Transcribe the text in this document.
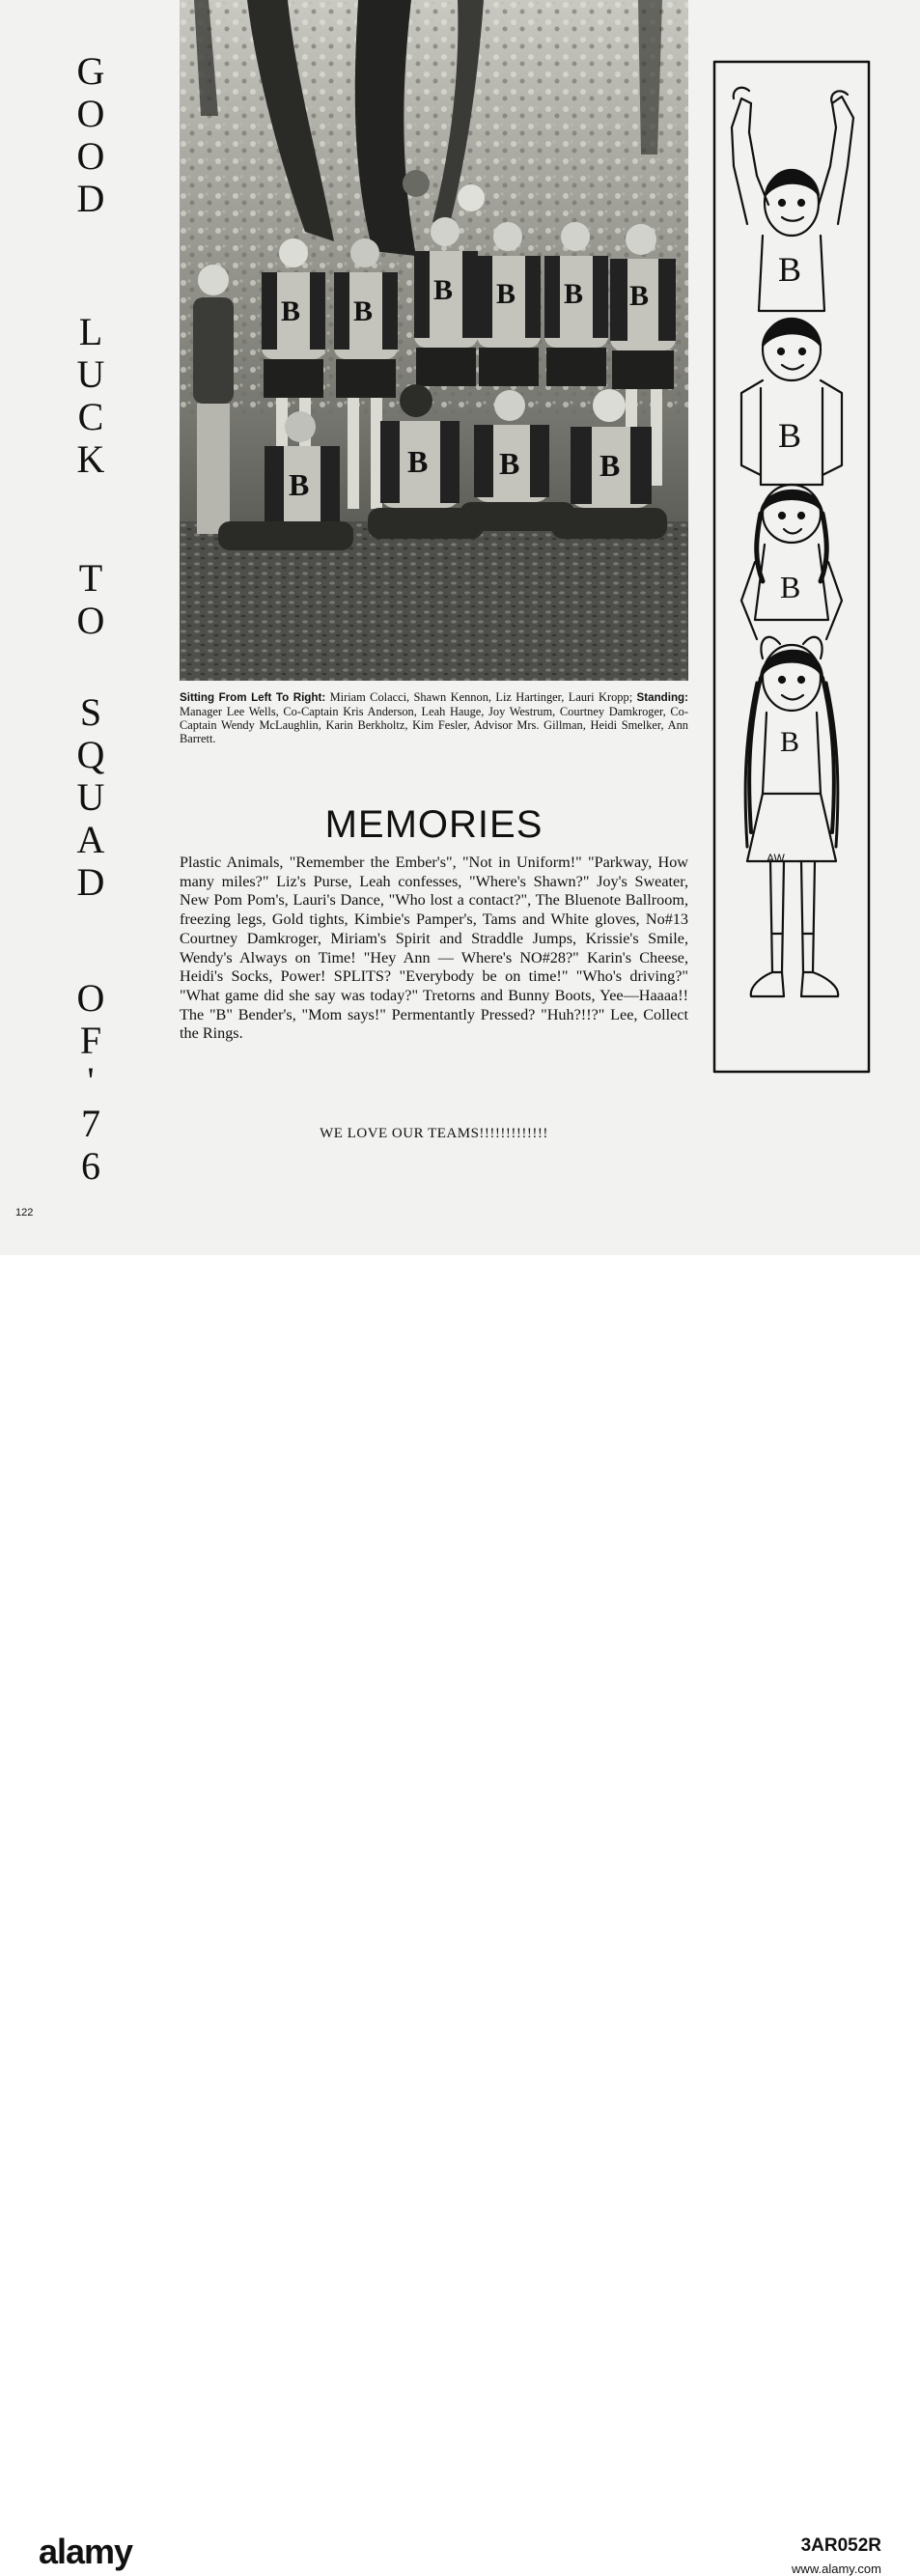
G
O
O
D
L
U
C
K
T
O
S
Q
U
A
D
O
F
'
7
6
B B
B B B B
B
B B	B
Sitting From Left To Right: Miriam Colacci, Shawn Kennon, Liz Hartinger, Lauri Kropp; Standing: Manager Lee Wells, Co-Captain Kris Anderson, Leah Hauge, Joy Westrum, Courtney Damkroger, Co-Captain Wendy McLaughlin, Karin Berkholtz, Kim Fesler, Advisor Mrs. Gillman, Heidi Smelker, Ann Barrett.
MEMORIES
Plastic Animals, "Remember the Ember's", "Not in Uniform!" "Parkway, How many miles?" Liz's Purse, Leah confesses, "Where's Shawn?" Joy's Sweater, New Pom Pom's, Lauri's Dance, "Who lost a contact?", The Bluenote Ballroom, freezing legs, Gold tights, Kimbie's Pamper's, Tams and White gloves, No#13 Courtney Damkroger, Miriam's Spirit and Straddle Jumps, Krissie's Smile, Wendy's Always on Time! "Hey Ann — Where's NO#28?" Karin's Cheese, Heidi's Socks, Power! SPLITS? "Everybody be on time!" "Who's driving?" "What game did she say was today?" Tretorns and Bunny Boots, Yee—Haaaa!! The "B" Bender's, "Mom says!" Permentantly Pressed? "Huh?!!?" Lee, Collect the Rings.
WE LOVE OUR TEAMS!!!!!!!!!!!!!
122
B
B
B
B
AW
alamy	3AR052R
www.alamy.com
